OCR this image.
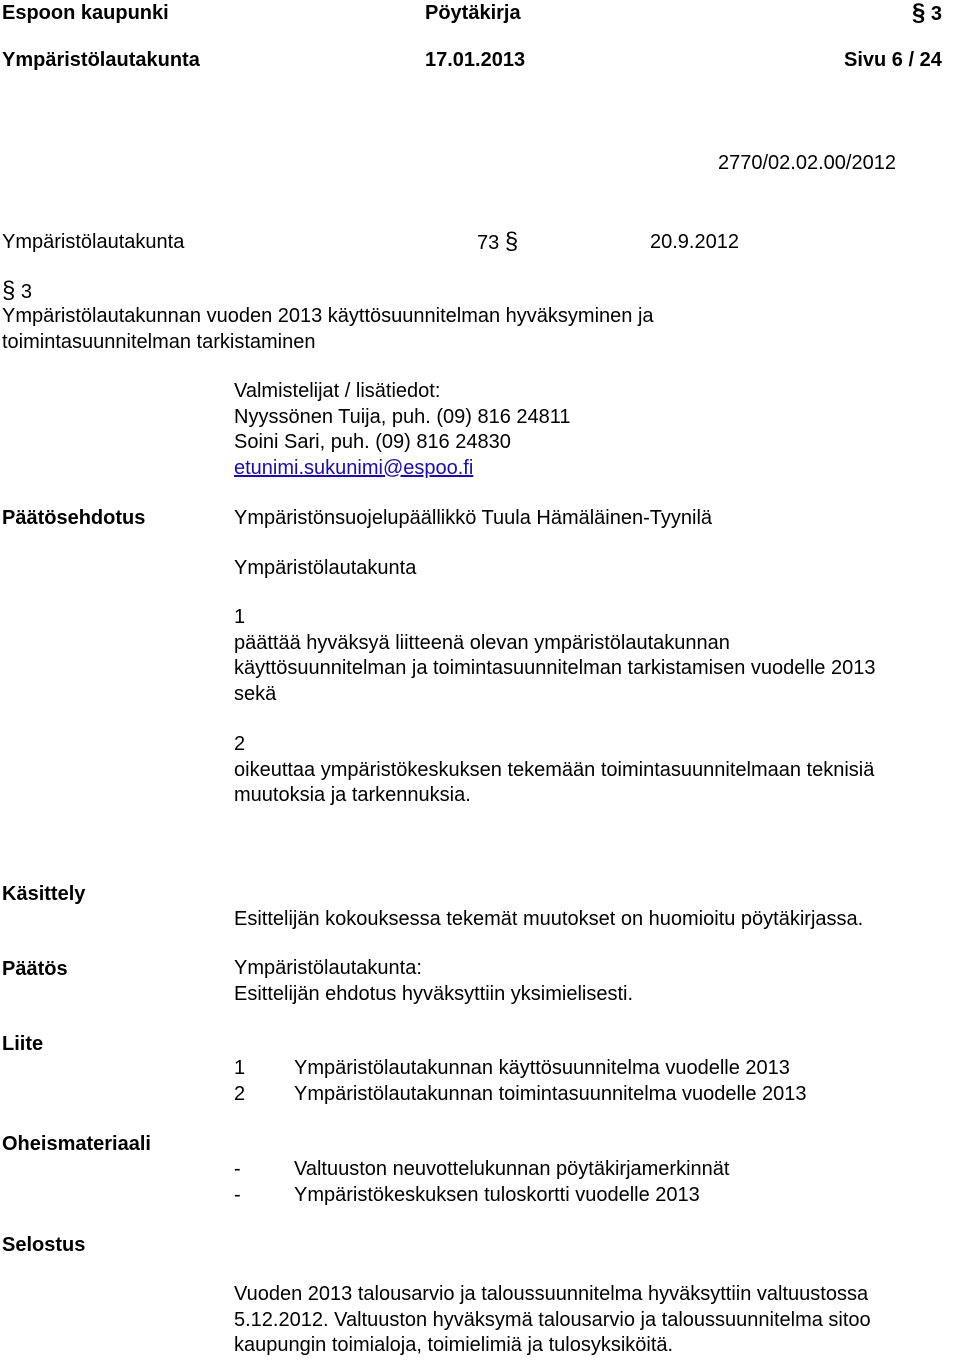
Espoon kaupunki	Pöytäkirja	§ 3
Ympäristölautakunta	17.01.2013	Sivu 6 / 24
2770/02.02.00/2012
Ympäristölautakunta	73 §	20.9.2012
§ 3
Ympäristölautakunnan vuoden 2013 käyttösuunnitelman hyväksyminen ja
toimintasuunnitelman tarkistaminen
Valmistelijat / lisätiedot:
Nyyssönen Tuija, puh. (09) 816 24811
Soini Sari, puh. (09) 816 24830
etunimi.sukunimi@espoo.fi
Päätösehdotus	Ympäristönsuojelupäällikkö Tuula Hämäläinen-Tyynilä
Ympäristölautakunta
1
päättää hyväksyä liitteenä olevan ympäristölautakunnan
käyttösuunnitelman ja toimintasuunnitelman tarkistamisen vuodelle 2013
sekä
2
oikeuttaa ympäristökeskuksen tekemään toimintasuunnitelmaan teknisiä
muutoksia ja tarkennuksia.
Käsittely
Esittelijän kokouksessa tekemät muutokset on huomioitu pöytäkirjassa.
Päätös	Ympäristölautakunta:
Esittelijän ehdotus hyväksyttiin yksimielisesti.
Liite
1 Ympäristölautakunnan käyttösuunnitelma vuodelle 2013
2 Ympäristölautakunnan toimintasuunnitelma vuodelle 2013
Oheismateriaali
-	Valtuuston neuvottelukunnan pöytäkirjamerkinnät
-	Ympäristökeskuksen tuloskortti vuodelle 2013
Selostus
Vuoden 2013 talousarvio ja taloussuunnitelma hyväksyttiin valtuustossa
5.12.2012. Valtuuston hyväksymä talousarvio ja taloussuunnitelma sitoo
kaupungin toimialoja, toimielimiä ja tulosyksiköitä.
